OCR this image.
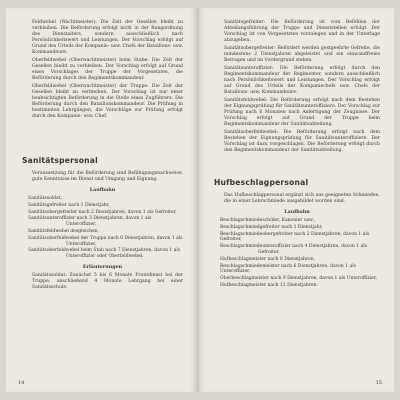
Feldwebel (Wachtmeister): Die Zeit der Gesellen bleibt zu verbleiben. Die Beförderung erfolgt nicht in der Rangordnung des Dienstalters, sondern ausschließlich nach Persönlichkeitswert und Leistungen. Der Vorschlag erfolgt auf Grund des Urteils der Kompanie- usw. Chefs der Bataillons- usw. Kommandeure.

Oberfeldwebel (Oberwachtmeister) beim Stabe: Die Zeit der Gesellen bleibt zu verbleiben. Der Vorschlag erfolgt auf Grund eines Vorschlages der Truppe der Vorgesetzten, die Beförderung durch den Regimentskommandeur.

Oberfeldwebel (Oberwachtmeister) der Truppe: Die Zeit der Gesellen bleibt zu verbleiben. Der Vorschlag ist nur einer beabsichtigten Beförderung in die Stelle eines Zugführers. Die Beförderung durch den Bataillonskommandeur. Die Prüfung in bestimmten Lehrgängen, die Vorschläge zur Prüfung erfolgt durch den Kompanie- usw. Chef.

Sanitätspersonal

Voraussetzung für die Beförderung sind Befähigungsnachweise, gute Kenntnisse im Dienst und Umgang und Eignung.

Laufbahn
Sanitätssoldat,
Sanitätsgefreiter nach 1 Dienstjahr,
Sanitätsobergefreiter nach 2 Dienstjahren, davon 1 als Gefreiter,
Sanitätsunteroffizier nach 3 Dienstjahren, davon 1 als
Unteroffizier,
Sanitätsfeldwebel desgleichen,
Sanitätsoberfeldwebel der Truppe nach 8 Dienstjahren, davon 1 als
Unteroffizier,
Sanitätsoberfeldwebel beim Stab nach 7 Dienstjahren, davon 1 als
Unteroffizier oder Oberfeldwebel.
Erläuterungen

Sanitätssoldat: Zunächst 5 bis 6 Monate Frontdienst bei der Truppe, anschließend 4 Monate Lehrgang bei einer Sanitätsschule.

14

Sanitätsgefreiter: Die Beförderung ist vom Befehlen der Abteilungsführung der Truppe und Dienststellen erfolgt. Der Vorschlag ist von Vorgesetzten vorzulegen und in der Unterlage abzugeben.

Sanitätsobergefreiter: Befördert werden gestgeehrte Gefreite, die mindestens 2 Dienstjahren abgeleistet und ein einwandfreies Betragen und im Vordergrund stehen.

Sanitätsunteroffizier: Die Beförderung erfolgt durch den Regimentskommandeur der Regimenter, sondern ausschließlich nach Persönlichkeitswert und Leistungen. Der Vorschlag erfolgt auf Grund des Urteils der Kompaniechefs usw. Chefs der Bataillons- usw. Kommandeure.

Sanitätsfeldwebel: Die Beförderung erfolgt nach dem Bestehen der Eignungsprüfung für Sanitätsunteroffiziere. Der Vorschlag zur Prüfung nach 6 Monaten nach Anfertigung der Zeugnisse. Der Vorschlag erfolgt auf Grund der Truppe beim Regimentskommandeur der Sanitätsabteilung.

Sanitätsoberfeldwebel: Die Beförderung erfolgt nach dem Bestehen der Eignungsprüfung für Sanitätsunteroffiziere. Der Vorschlag ist dazu vorgeschlagen. Die Beförderung erfolgt durch den Regimentskommandeur der Sanitätsabteilung.

Hufbeschlagpersonal

Das Hufbeschlagpersonal ergänzt sich aus geeigneten Schmieden, die in einer Lehrschmiede ausgebildet worden sind.

Laufbahn
Beschlagschmiedeschüler, Kanonier usw.,
Beschlagschmiedgefreiter nach 1 Dienstjahr,
Beschlagschmiedeobergefreiter nach 2 Dienstjahren, davon 1 als Gefreiter,
Beschlagschmiedeunteroffizier nach 4 Dienstjahren, davon 1 als
Gefreiter,
Hufbeschlagmeister nach 8 Dienstjahren,
Beschlagschmiedemeister nach 6 Dienstjahren, davon 1 als Unteroffizier,
Oberbeschlagmeister nach 9 Dienstjahren, davon 1 als Unteroffizier,
Hufbeschlagmeister nach 12 Dienstjahren.
15
